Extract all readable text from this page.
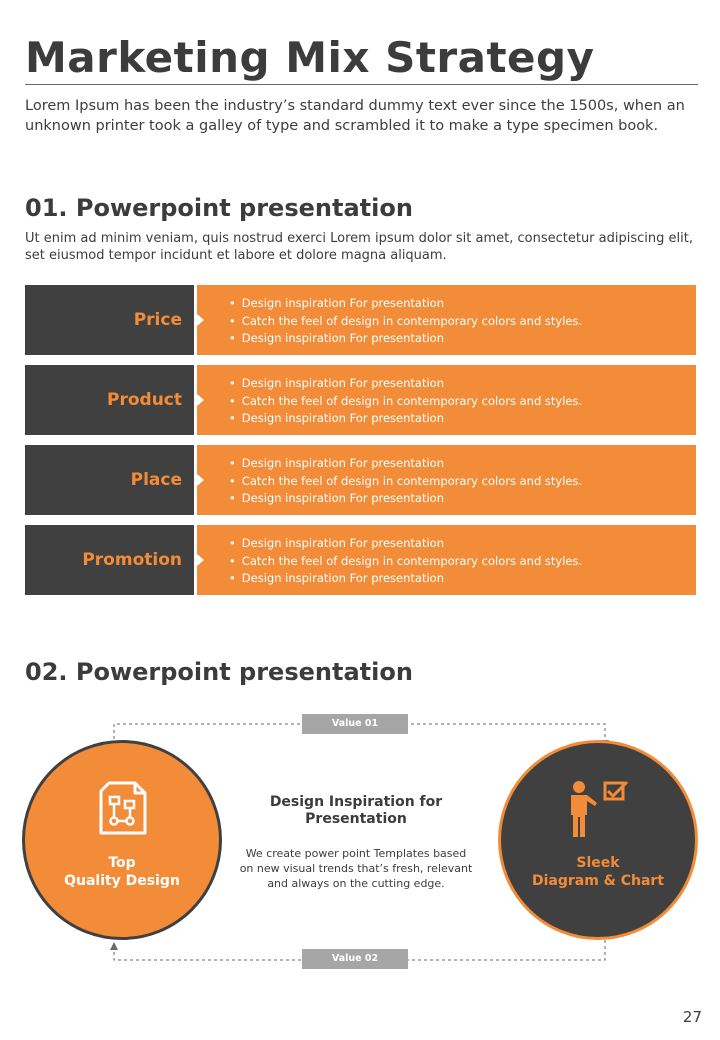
Marketing Mix Strategy
Lorem Ipsum has been the industry’s standard dummy text ever since the 1500s, when an unknown printer took a galley of type and scrambled it to make a type specimen book.
01. Powerpoint presentation
Ut enim ad minim veniam, quis nostrud exerci Lorem ipsum dolor sit amet, consectetur adipiscing elit, set eiusmod tempor incidunt et labore et dolore magna aliquam.
Price
• Design inspiration For presentation
• Catch the feel of design in contemporary colors and styles.
• Design inspiration For presentation
Product
• Design inspiration For presentation
• Catch the feel of design in contemporary colors and styles.
• Design inspiration For presentation
Place
• Design inspiration For presentation
• Catch the feel of design in contemporary colors and styles.
• Design inspiration For presentation
Promotion
• Design inspiration For presentation
• Catch the feel of design in contemporary colors and styles.
• Design inspiration For presentation
02. Powerpoint presentation
Value 01
Value 02
Top
Quality Design
Sleek
Diagram & Chart
Design Inspiration for
Presentation
We create power point Templates based
on new visual trends that’s fresh, relevant
and always on the cutting edge.
27
